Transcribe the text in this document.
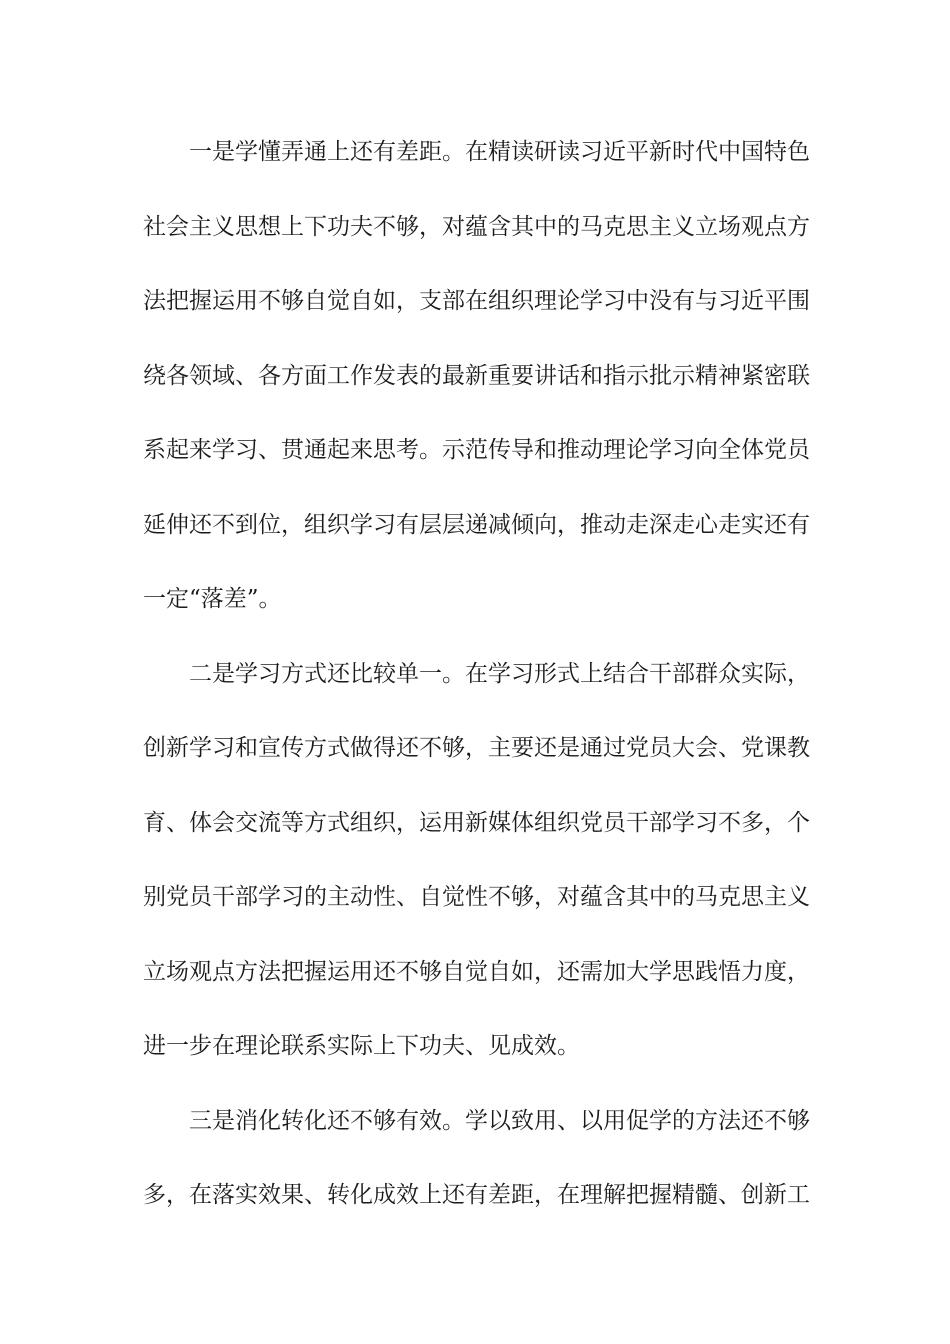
一是学懂弄通上还有差距。在精读研读习近平新时代中国特色
社会主义思想上下功夫不够，对蕴含其中的马克思主义立场观点方
法把握运用不够自觉自如，支部在组织理论学习中没有与习近平围
绕各领域、各方面工作发表的最新重要讲话和指示批示精神紧密联
系起来学习、贯通起来思考。示范传导和推动理论学习向全体党员
延伸还不到位，组织学习有层层递减倾向，推动走深走心走实还有
一定“落差”。
二是学习方式还比较单一。在学习形式上结合干部群众实际，
创新学习和宣传方式做得还不够，主要还是通过党员大会、党课教
育、体会交流等方式组织，运用新媒体组织党员干部学习不多，个
别党员干部学习的主动性、自觉性不够，对蕴含其中的马克思主义
立场观点方法把握运用还不够自觉自如，还需加大学思践悟力度，
进一步在理论联系实际上下功夫、见成效。
三是消化转化还不够有效。学以致用、以用促学的方法还不够
多，在落实效果、转化成效上还有差距，在理解把握精髓、创新工
